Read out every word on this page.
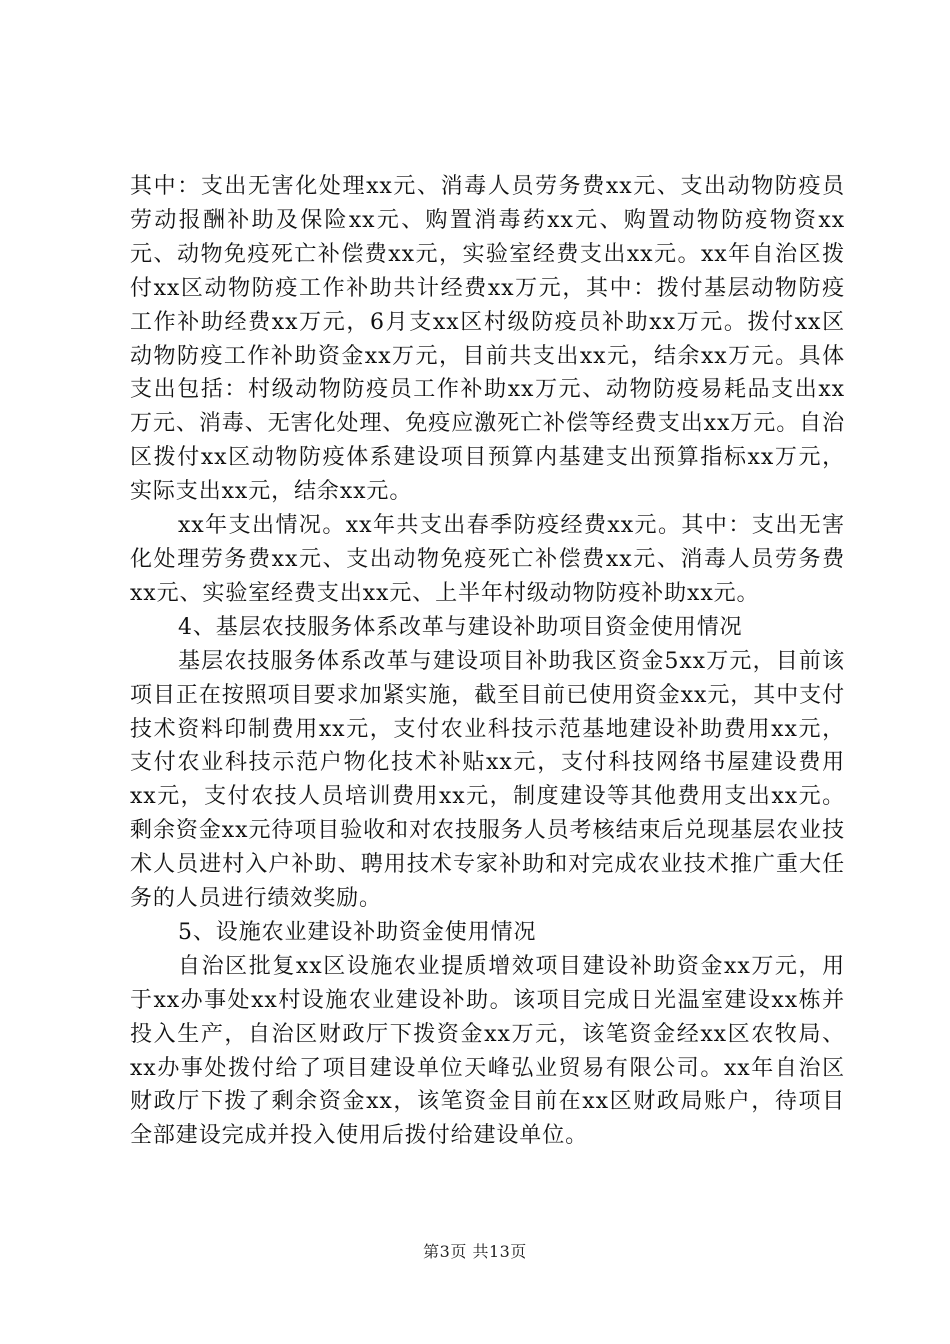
其中：支出无害化处理xx元、消毒人员劳务费xx元、支出动物防疫员劳动报酬补助及保险xx元、购置消毒药xx元、购置动物防疫物资xx元、动物免疫死亡补偿费xx元，实验室经费支出xx元。xx年自治区拨付xx区动物防疫工作补助共计经费xx万元，其中：拨付基层动物防疫工作补助经费xx万元，6月支xx区村级防疫员补助xx万元。拨付xx区动物防疫工作补助资金xx万元，目前共支出xx元，结余xx万元。具体支出包括：村级动物防疫员工作补助xx万元、动物防疫易耗品支出xx万元、消毒、无害化处理、免疫应激死亡补偿等经费支出xx万元。自治区拨付xx区动物防疫体系建设项目预算内基建支出预算指标xx万元，实际支出xx元，结余xx元。

xx年支出情况。xx年共支出春季防疫经费xx元。其中：支出无害化处理劳务费xx元、支出动物免疫死亡补偿费xx元、消毒人员劳务费xx元、实验室经费支出xx元、上半年村级动物防疫补助xx元。

4、基层农技服务体系改革与建设补助项目资金使用情况

基层农技服务体系改革与建设项目补助我区资金5xx万元，目前该项目正在按照项目要求加紧实施，截至目前已使用资金xx元，其中支付技术资料印制费用xx元，支付农业科技示范基地建设补助费用xx元，支付农业科技示范户物化技术补贴xx元，支付科技网络书屋建设费用xx元，支付农技人员培训费用xx元，制度建设等其他费用支出xx元。剩余资金xx元待项目验收和对农技服务人员考核结束后兑现基层农业技术人员进村入户补助、聘用技术专家补助和对完成农业技术推广重大任务的人员进行绩效奖励。

5、设施农业建设补助资金使用情况

自治区批复xx区设施农业提质增效项目建设补助资金xx万元，用于xx办事处xx村设施农业建设补助。该项目完成日光温室建设xx栋并投入生产，自治区财政厅下拨资金xx万元，该笔资金经xx区农牧局、xx办事处拨付给了项目建设单位天峰弘业贸易有限公司。xx年自治区财政厅下拨了剩余资金xx，该笔资金目前在xx区财政局账户，待项目全部建设完成并投入使用后拨付给建设单位。

第3页 共13页
